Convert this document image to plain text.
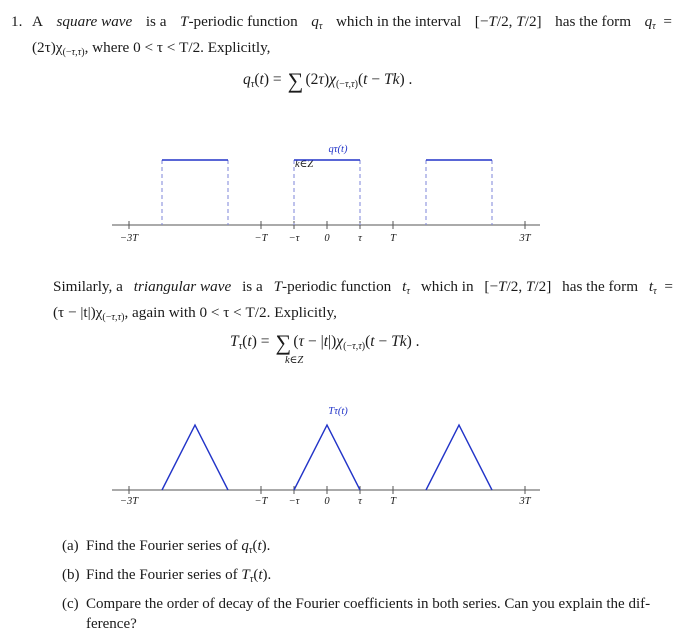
1. A square wave is a T-periodic function $q_\tau$ which in the interval [−T/2, T/2] has the form $q_\tau$  =
$(2\tau)\chi_{(-\tau,\tau)}$, where 0 < τ < T/2. Explicitly,
$q_\tau(t)$ = ∑ $(2\tau)\chi_{(-\tau,\tau)}(t - Tk)$ .
k∈Z
−3T	−T −τ 0	τ	T	3T
qτ(t)
Similarly, a triangular wave is a T-periodic function $t_\tau$ which in [−T/2, T/2] has the form $t_\tau$  =
$(\tau - |t|)\chi_{(-\tau,\tau)}$, again with 0 < τ < T/2. Explicitly,
$T_\tau(t)$ = ∑ $(\tau - |t|)\chi_{(-\tau,\tau)}(t - Tk)$ .
k∈Z
−3T	−T −τ 0	τ	T	3T
Tτ(t)
(a) Find the Fourier series of $q_\tau(t)$.
(b) Find the Fourier series of $T_\tau(t)$.
(c) Compare the order of decay of the Fourier coefficients in both series. Can you explain the dif-
ference?
